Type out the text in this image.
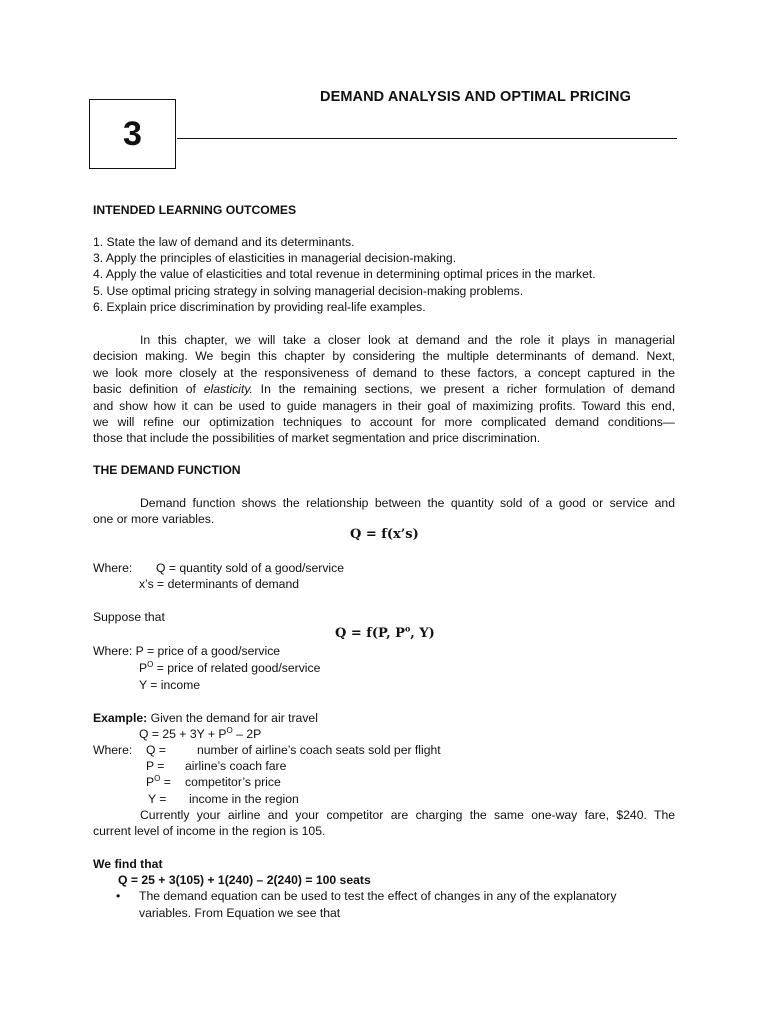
3
DEMAND ANALYSIS AND OPTIMAL PRICING
INTENDED LEARNING OUTCOMES
1. State the law of demand and its determinants.
3. Apply the principles of elasticities in managerial decision-making.
4. Apply the value of elasticities and total revenue in determining optimal prices in the market.
5. Use optimal pricing strategy in solving managerial decision-making problems.
6. Explain price discrimination by providing real-life examples.
In this chapter, we will take a closer look at demand and the role it plays in managerial
decision making. We begin this chapter by considering the multiple determinants of demand. Next,
we look more closely at the responsiveness of demand to these factors, a concept captured in the
basic definition of elasticity. In the remaining sections, we present a richer formulation of demand
and show how it can be used to guide managers in their goal of maximizing profits. Toward this end,
we will refine our optimization techniques to account for more complicated demand conditions—
those that include the possibilities of market segmentation and price discrimination.
THE DEMAND FUNCTION
Demand function shows the relationship between the quantity sold of a good or service and
one or more variables.
Q = f(x’s)
Where: Q = quantity sold of a good/service
x’s = determinants of demand
Suppose that
Q = f(P, $P^o$, Y)
Where: P = price of a good/service
$P^O$ = price of related good/service
Y = income
Example: Given the demand for air travel
$Q = 25 + 3Y + P^O - 2P$
Where: Q =	number of airline’s coach seats sold per flight
P = airline’s coach fare
$P^O$ = competitor’s price
Y = income in the region
Currently your airline and your competitor are charging the same one-way fare, $240. The
current level of income in the region is 105.
We find that
Q = 25 + 3(105) + 1(240) – 2(240) = 100 seats
• The demand equation can be used to test the effect of changes in any of the explanatory
variables. From Equation we see that
